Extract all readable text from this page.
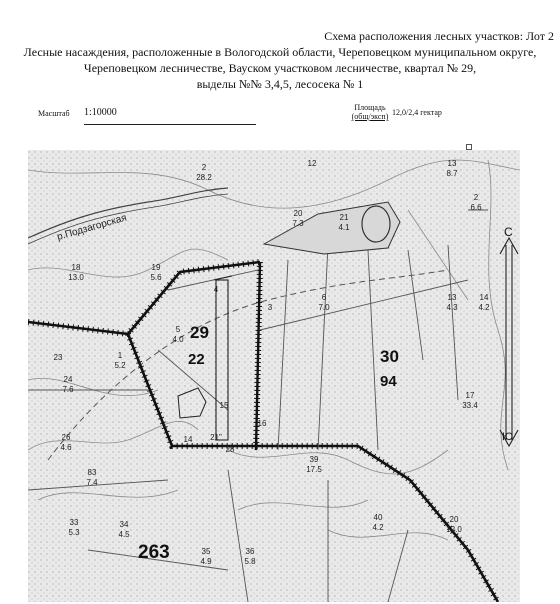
Схема расположения лесных участков: Лот 2
Лесные насаждения, расположенные в Вологодской области, Череповецком муниципальном округе,
Череповецком лесничестве, Вауском участковом лесничестве, квартал № 29,
выделы №№ 3,4,5, лесосека № 1
Масштаб 1:10000	Площадь
(общ/эксп) 12,0/2,4 гектар
р.Подзагорская	С
Ю
29
22	30
94
263
12
2
28.2
13
8.7
2
6.6
20
7.3
21
4.1
18
13.0
19
5.6
6
7.0
13
4.3
14
4.2
1
5.2
23
24
7.6
26
4.6
17
33.4
83
7.4
39
17.5
40
4.2
20
12.0
34
4.5
33
5.3
35
4.9
36
5.8
4
5
4.0
3
16
28
21"
14
15
